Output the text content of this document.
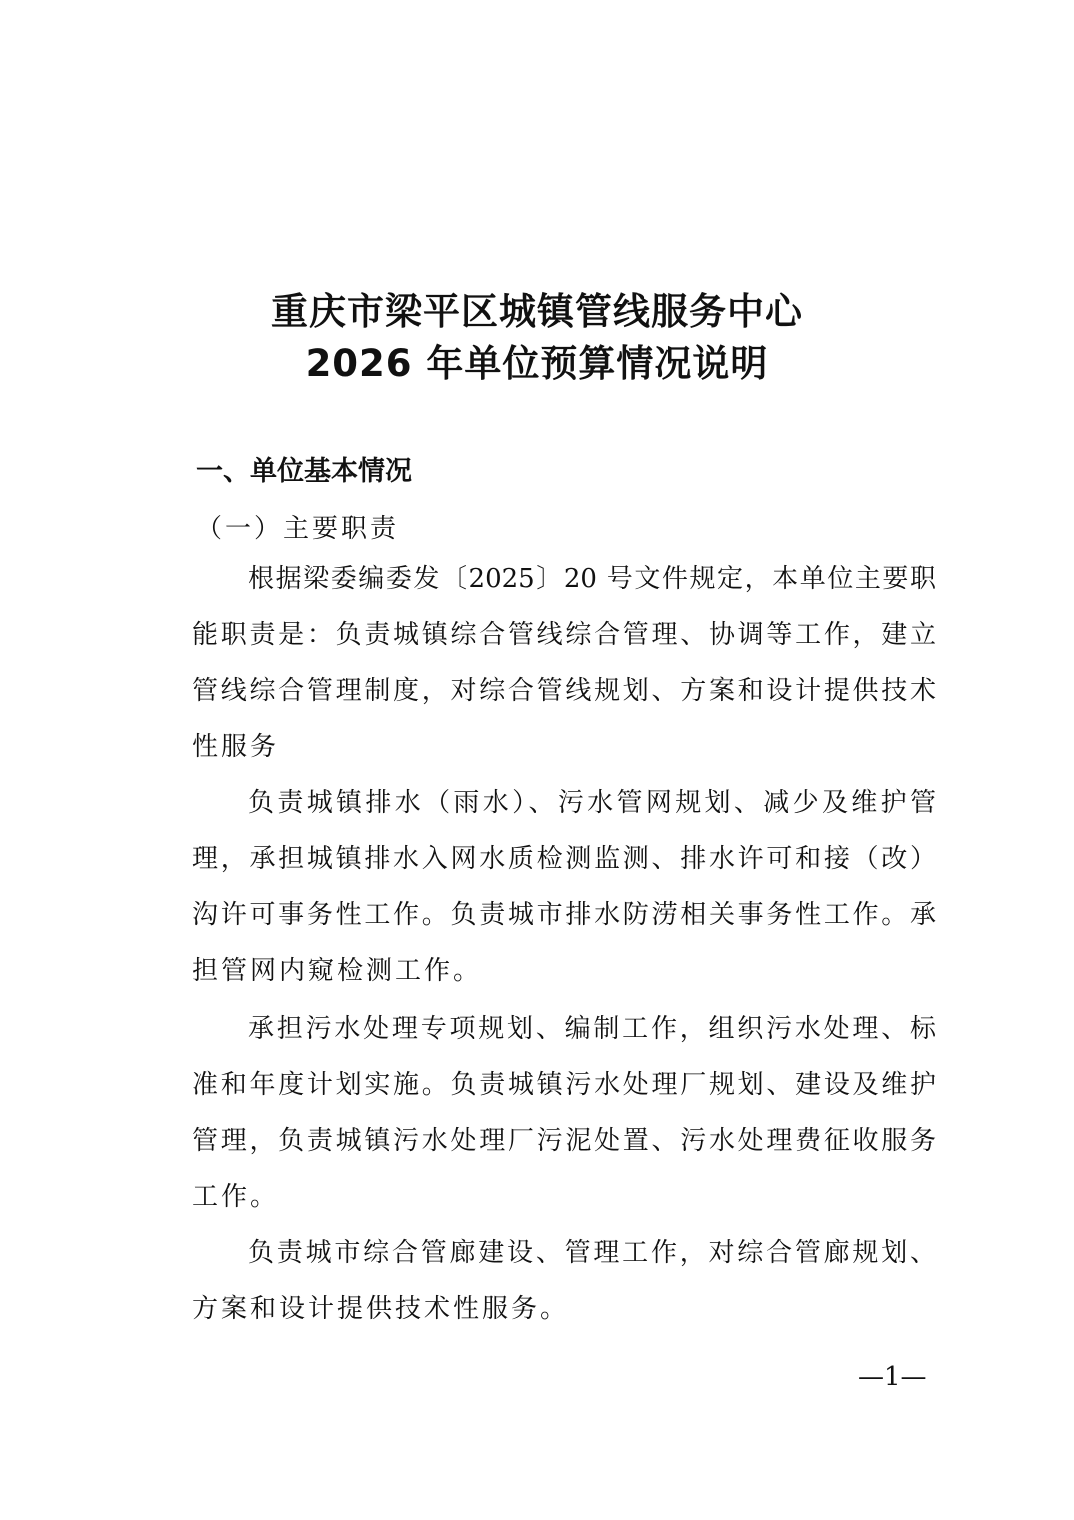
重庆市梁平区城镇管线服务中心
2026 年单位预算情况说明
一、单位基本情况
（一）主要职责
根据梁委编委发〔2025〕20 号文件规定，本单位主要职
能职责是：负责城镇综合管线综合管理、协调等工作，建立
管线综合管理制度，对综合管线规划、方案和设计提供技术
性服务
负责城镇排水（雨水）、污水管网规划、减少及维护管
理，承担城镇排水入网水质检测监测、排水许可和接（改）
沟许可事务性工作。负责城市排水防涝相关事务性工作。承
担管网内窥检测工作。
承担污水处理专项规划、编制工作，组织污水处理、标
准和年度计划实施。负责城镇污水处理厂规划、建设及维护
管理，负责城镇污水处理厂污泥处置、污水处理费征收服务
工作。
负责城市综合管廊建设、管理工作，对综合管廊规划、
方案和设计提供技术性服务。
—1—
